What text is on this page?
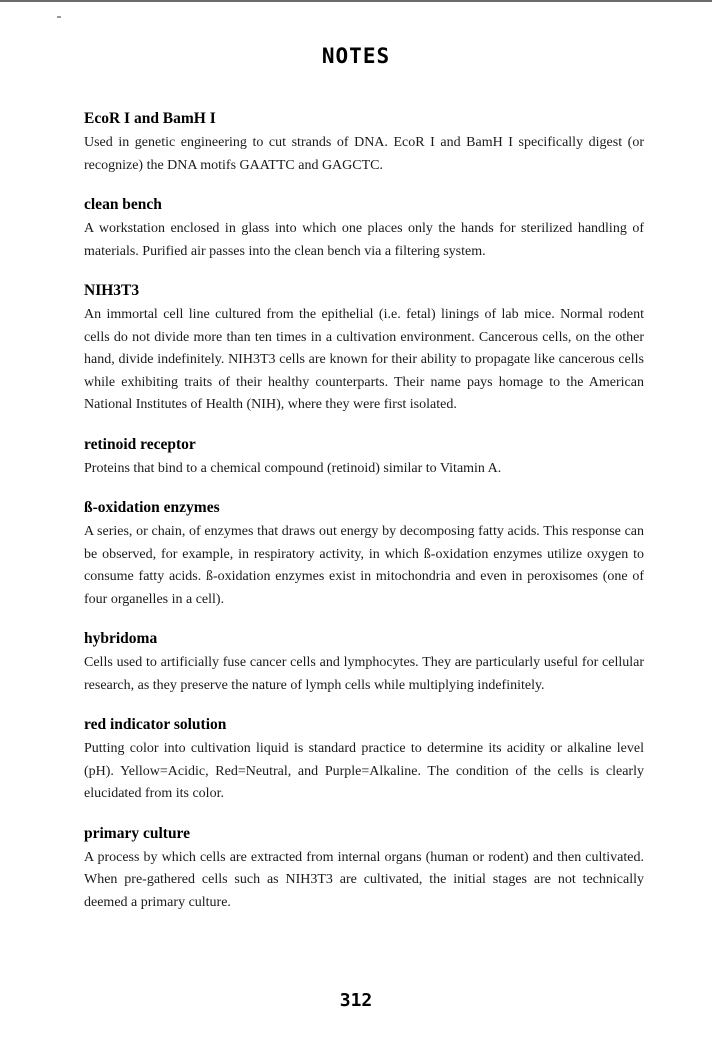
NOTES
EcoR I and BamH I

Used in genetic engineering to cut strands of DNA. EcoR I and BamH I specifically digest (or recognize) the DNA motifs GAATTC and GAGCTC.

clean bench

A workstation enclosed in glass into which one places only the hands for sterilized handling of materials. Purified air passes into the clean bench via a filtering system.

NIH3T3

An immortal cell line cultured from the epithelial (i.e. fetal) linings of lab mice. Normal rodent cells do not divide more than ten times in a cultivation environment. Cancerous cells, on the other hand, divide indefinitely. NIH3T3 cells are known for their ability to propagate like cancerous cells while exhibiting traits of their healthy counterparts. Their name pays homage to the American National Institutes of Health (NIH), where they were first isolated.

retinoid receptor

Proteins that bind to a chemical compound (retinoid) similar to Vitamin A.

ß-oxidation enzymes

A series, or chain, of enzymes that draws out energy by decomposing fatty acids. This response can be observed, for example, in respiratory activity, in which ß-oxidation enzymes utilize oxygen to consume fatty acids. ß-oxidation enzymes exist in mitochondria and even in peroxisomes (one of four organelles in a cell).

hybridoma

Cells used to artificially fuse cancer cells and lymphocytes. They are particularly useful for cellular research, as they preserve the nature of lymph cells while multiplying indefinitely.

red indicator solution

Putting color into cultivation liquid is standard practice to determine its acidity or alkaline level (pH). Yellow=Acidic, Red=Neutral, and Purple=Alkaline. The condition of the cells is clearly elucidated from its color.

primary culture

A process by which cells are extracted from internal organs (human or rodent) and then cultivated. When pre-gathered cells such as NIH3T3 are cultivated, the initial stages are not technically deemed a primary culture.

312
